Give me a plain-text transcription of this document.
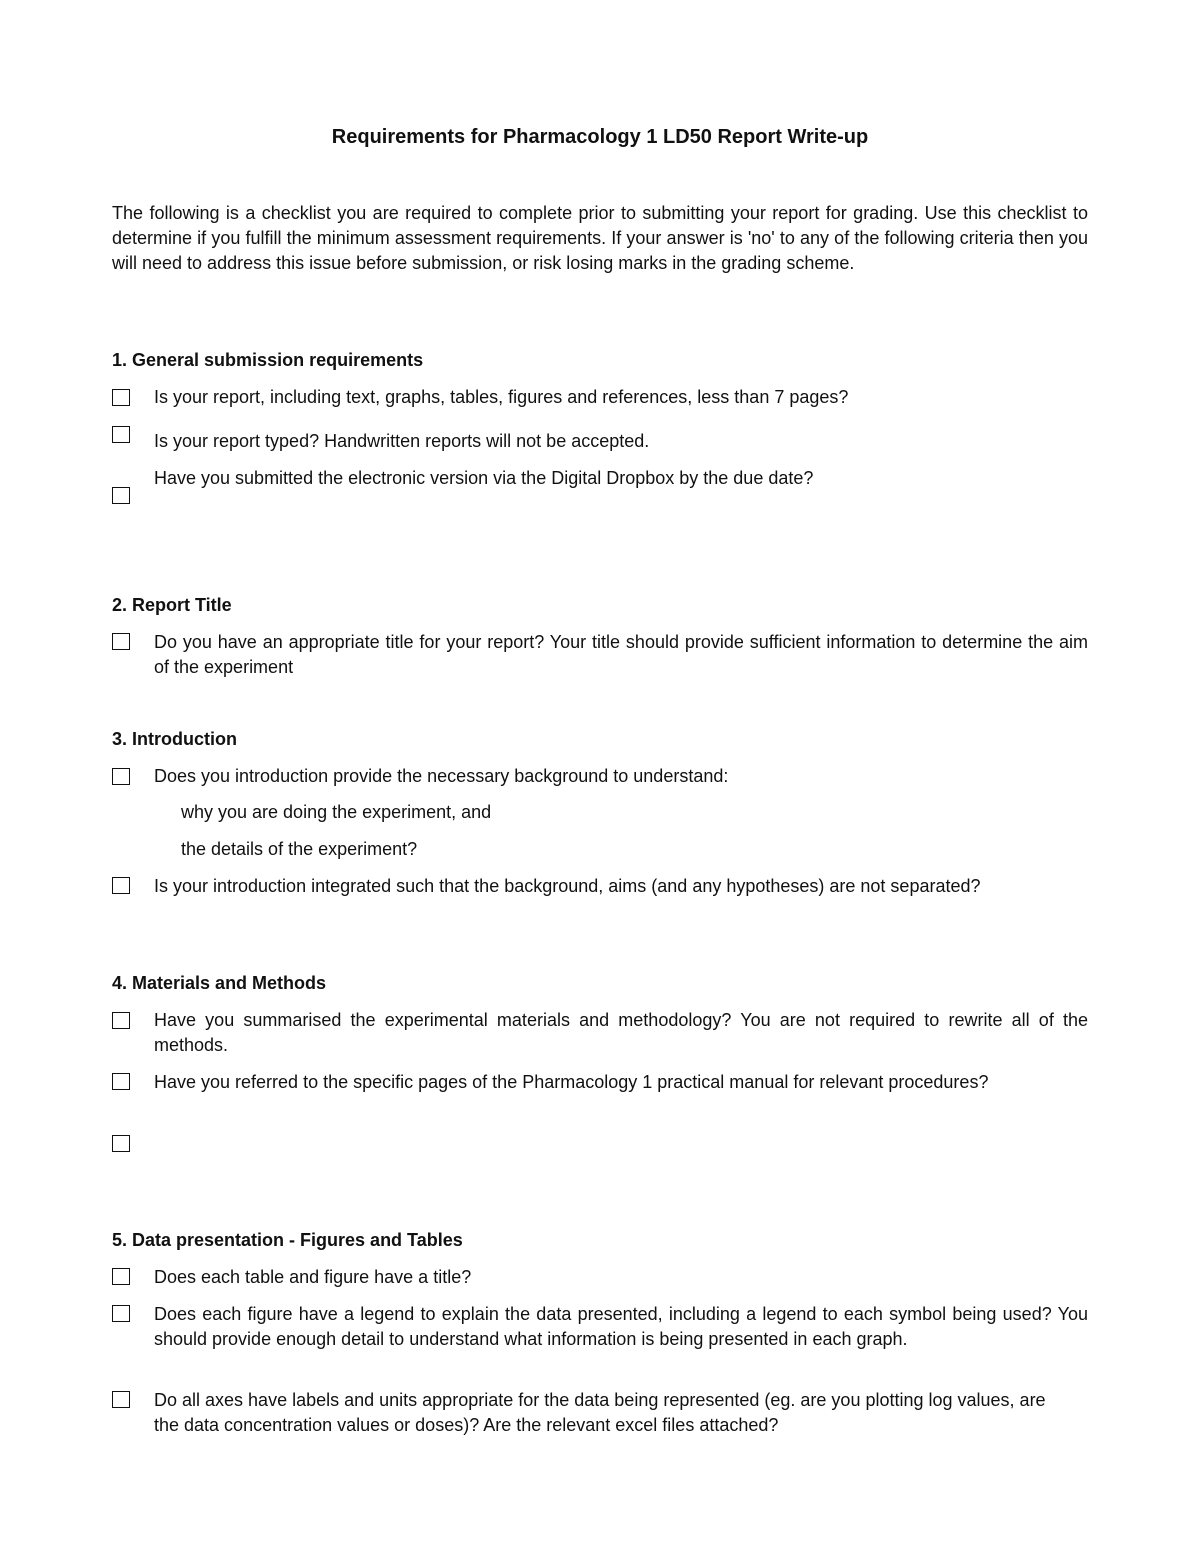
Requirements for Pharmacology 1 LD50 Report Write-up
The following is a checklist you are required to complete prior to submitting your report for grading. Use this checklist to determine if you fulfill the minimum assessment requirements. If your answer is 'no' to any of the following criteria then you will need to address this issue before submission, or risk losing marks in the grading scheme.
1. General submission requirements
Is your report, including text, graphs, tables, figures and references, less than 7 pages?
Is your report typed? Handwritten reports will not be accepted.
Have you submitted the electronic version via the Digital Dropbox by the due date?
2. Report Title
Do you have an appropriate title for your report? Your title should provide sufficient information to determine the aim of the experiment
3. Introduction
Does you introduction provide the necessary background to understand:
why you are doing the experiment, and
the details of the experiment?
Is your introduction integrated such that the background, aims (and any hypotheses) are not separated?
4. Materials and Methods
Have you summarised the experimental materials and methodology? You are not required to rewrite all of the methods.
Have you referred to the specific pages of the Pharmacology 1 practical manual for relevant procedures?
5. Data presentation - Figures and Tables
Does each table and figure have a title?
Does each figure have a legend to explain the data presented, including a legend to each symbol being used? You should provide enough detail to understand what information is being presented in each graph.
Do all axes have labels and units appropriate for the data being represented (eg. are you plotting log values, are the data concentration values or doses)? Are the relevant excel files attached?
